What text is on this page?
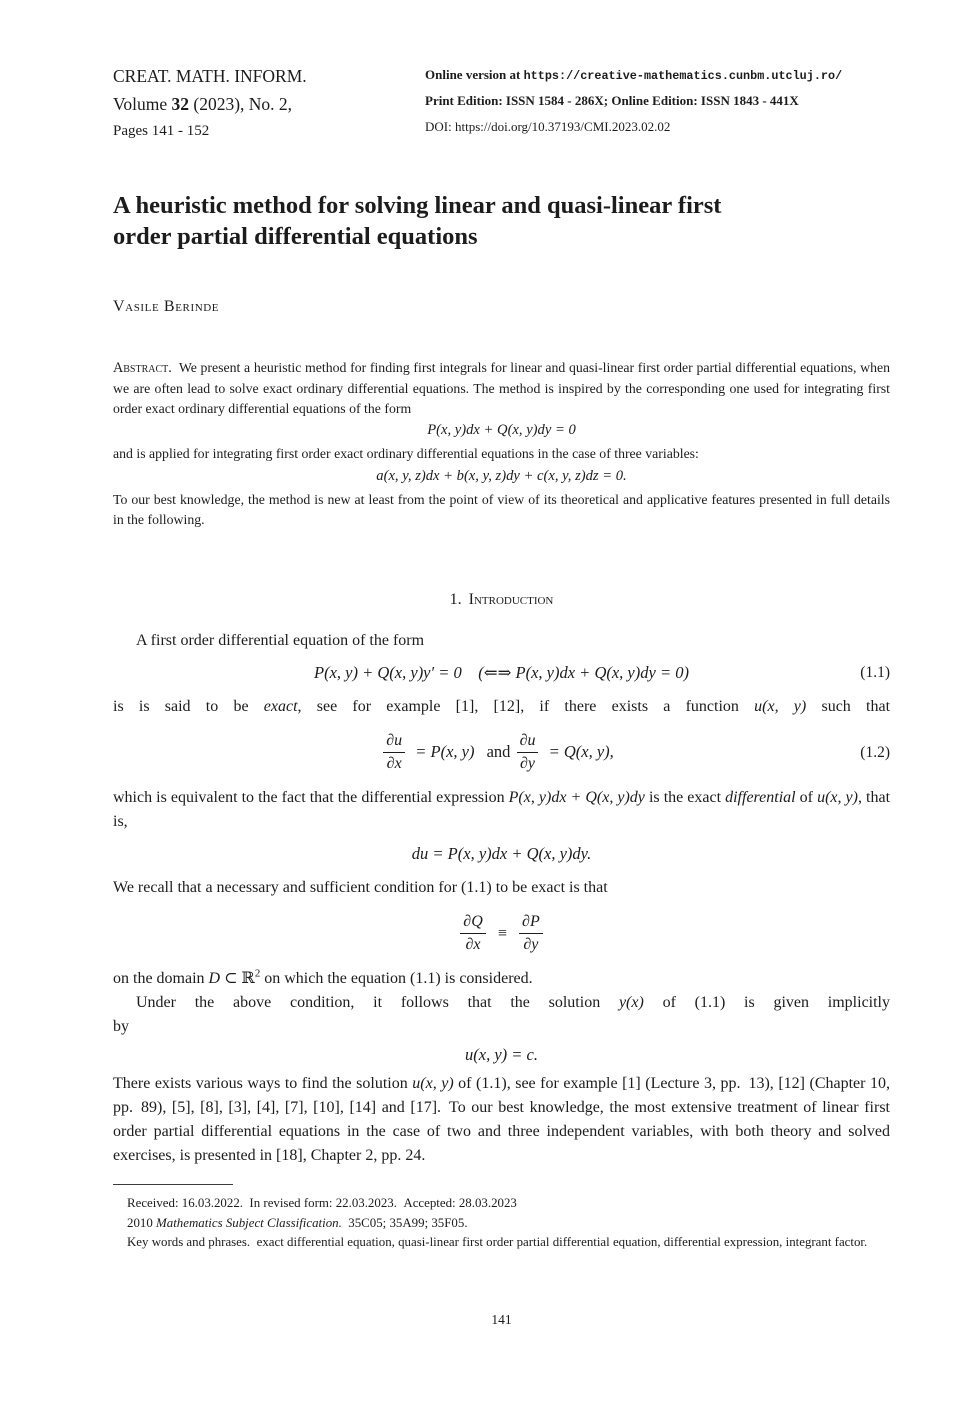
CREAT. MATH. INFORM.
Volume 32 (2023), No. 2,
Pages 141 - 152
Online version at https://creative-mathematics.cunbm.utcluj.ro/
Print Edition: ISSN 1584 - 286X; Online Edition: ISSN 1843 - 441X
DOI: https://doi.org/10.37193/CMI.2023.02.02
A heuristic method for solving linear and quasi-linear first
order partial differential equations
Vasile Berinde

Abstract. We present a heuristic method for finding first integrals for linear and quasi-linear first order partial differential equations, when we are often lead to solve exact ordinary differential equations. The method is inspired by the corresponding one used for integrating first order exact ordinary differential equations of the form

P(x, y)dx + Q(x, y)dy = 0

and is applied for integrating first order exact ordinary differential equations in the case of three variables:

a(x, y, z)dx + b(x, y, z)dy + c(x, y, z)dz = 0.

To our best knowledge, the method is new at least from the point of view of its theoretical and applicative features presented in full details in the following.

1. Introduction

A first order differential equation of the form

P(x, y) + Q(x, y)y′ = 0 (⇐⇒ P(x, y)dx + Q(x, y)dy = 0)	(1.1)

is is said to be exact, see for example [1], [12], if there exists a function u(x, y) such that

$\frac{\partial u}{\partial x} = P(x$, y) and $\frac{\partial u}{\partial y} = Q(x$, y),	(1.2)

which is equivalent to the fact that the differential expression P(x, y)dx + Q(x, y)dy is the exact differential of u(x, y), that is,

du = P(x, y)dx + Q(x, y)dy.

We recall that a necessary and sufficient condition for (1.1) to be exact is that

$\frac{\partial Q}{\partial x} \equiv \frac{\partial P}{\partial y}$

on the domain D ⊂ ℝ$^2$ on which the equation (1.1) is considered.

Under the above condition, it follows that the solution y(x) of (1.1) is given implicitly

by

u(x, y) = c.

There exists various ways to find the solution u(x, y) of (1.1), see for example [1] (Lecture 3, pp. 13), [12] (Chapter 10, pp. 89), [5], [8], [3], [4], [7], [10], [14] and [17]. To our best knowledge, the most extensive treatment of linear first order partial differential equations in the case of two and three independent variables, with both theory and solved exercises, is presented in [18], Chapter 2, pp. 24.

Received: 16.03.2022. In revised form: 22.03.2023. Accepted: 28.03.2023

2010 Mathematics Subject Classification. 35C05; 35A99; 35F05.

Key words and phrases. exact differential equation, quasi-linear first order partial differential equation, differential expression, integrant factor.

141
